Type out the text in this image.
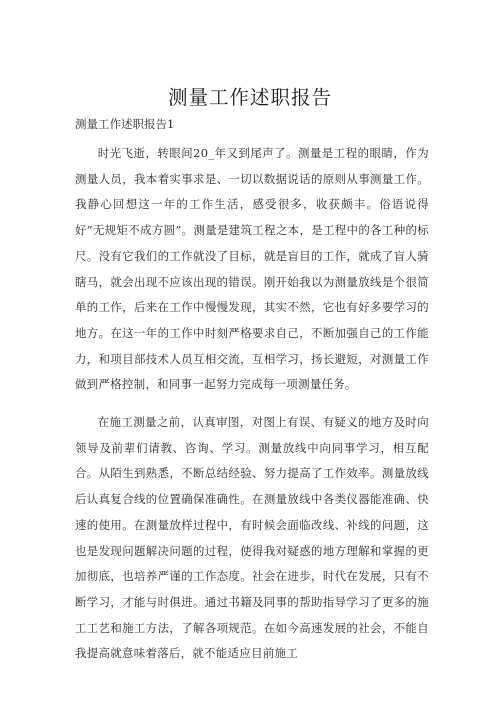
测量工作述职报告

测量工作述职报告1

时光飞逝，转眼间20_年又到尾声了。测量是工程的眼睛，作为测量人员，我本着实事求是、一切以数据说话的原则从事测量工作。我静心回想这一年的工作生活，感受很多，收获颇丰。俗语说得好”无规矩不成方圆”。测量是建筑工程之本，是工程中的各工种的标尺。没有它我们的工作就没了目标，就是盲目的工作，就成了盲人骑瞎马，就会出现不应该出现的错误。刚开始我以为测量放线是个很简单的工作，后来在工作中慢慢发现，其实不然，它也有好多要学习的地方。在这一年的工作中时刻严格要求自己，不断加强自己的工作能力，和项目部技术人员互相交流，互相学习，扬长避短，对测量工作做到严格控制，和同事一起努力完成每一项测量任务。

在施工测量之前，认真审图，对图上有误、有疑义的地方及时向领导及前辈们请教、咨询、学习。测量放线中向同事学习，相互配合。从陌生到熟悉，不断总结经验、努力提高了工作效率。测量放线后认真复合线的位置确保准确性。在测量放线中各类仪器能准确、快速的使用。在测量放样过程中，有时候会面临改线、补线的问题，这也是发现问题解决问题的过程，使得我对疑惑的地方理解和掌握的更加彻底，也培养严谨的工作态度。社会在进步，时代在发展，只有不断学习，才能与时俱进。通过书籍及同事的帮助指导学习了更多的施工工艺和施工方法，了解各项规范。在如今高速发展的社会，不能自我提高就意味着落后，就不能适应目前施工
